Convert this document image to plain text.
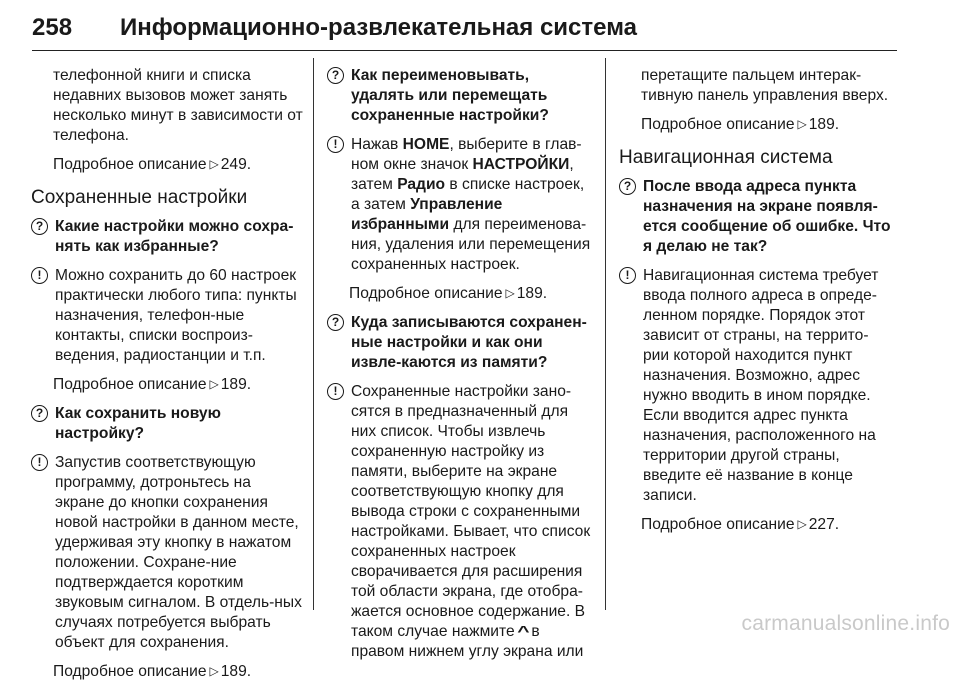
258 Информационно-развлекательная система

телефонной книги и списка недавних вызовов может занять несколько минут в зависимости от телефона.

Подробное описание ▷ 249.

Сохраненные настройки

? Какие настройки можно сохра-нять как избранные?

! Можно сохранить до 60 настроек практически любого типа: пункты назначения, телефон-ные контакты, списки воспроиз-ведения, радиостанции и т.п.

Подробное описание ▷ 189.

? Как сохранить новую настройку?

! Запустив соответствующую программу, дотроньтесь на экране до кнопки сохранения новой настройки в данном месте, удерживая эту кнопку в нажатом положении. Сохране-ние подтверждается коротким звуковым сигналом. В отдель-ных случаях потребуется выбрать объект для сохранения.

Подробное описание ▷ 189.

? Как переименовывать, удалять или перемещать сохраненные настройки?

! Нажав HOME, выберите в глав-ном окне значок НАСТРОЙКИ, затем Радио в списке настроек, а затем Управление избранными для переименова-ния, удаления или перемещения сохраненных настроек.

Подробное описание ▷ 189.

? Куда записываются сохранен-ные настройки и как они извле-каются из памяти?

! Сохраненные настройки зано-сятся в предназначенный для них список. Чтобы извлечь сохраненную настройку из памяти, выберите на экране соответствующую кнопку для вывода строки с сохраненными настройками. Бывает, что список сохраненных настроек сворачивается для расширения той области экрана, где отобра-жается основное содержание. В таком случае нажмите ^ в правом нижнем углу экрана или

перетащите пальцем интерак-тивную панель управления вверх.

Подробное описание ▷ 189.

Навигационная система

? После ввода адреса пункта назначения на экране появля-ется сообщение об ошибке. Что я делаю не так?

! Навигационная система требует ввода полного адреса в опреде-ленном порядке. Порядок этот зависит от страны, на террито-рии которой находится пункт назначения. Возможно, адрес нужно вводить в ином порядке. Если вводится адрес пункта назначения, расположенного на территории другой страны, введите её название в конце записи.

Подробное описание ▷ 227.

carmanualsonline.info
